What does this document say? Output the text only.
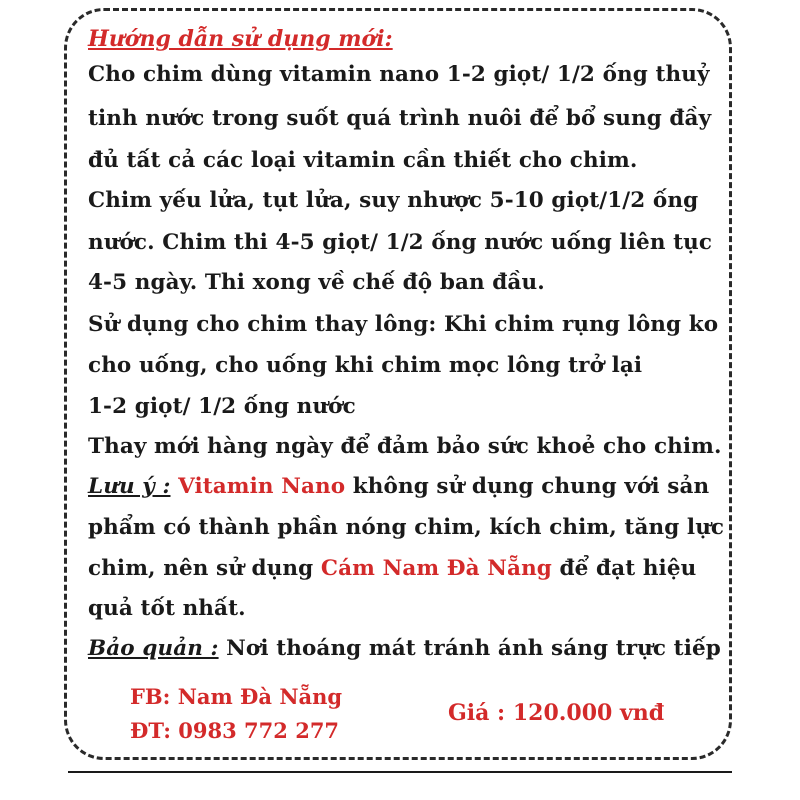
Hướng dẫn sử dụng mới:
Cho chim dùng vitamin nano 1-2 giọt/ 1/2 ống thuỷ
tinh nước trong suốt quá trình nuôi để bổ sung đầy
đủ tất cả các loại vitamin cần thiết cho chim.
Chim yếu lửa, tụt lửa, suy nhược 5-10 giọt/1/2 ống
nước. Chim thi 4-5 giọt/ 1/2 ống nước uống liên tục
4-5 ngày. Thi xong về chế độ ban đầu.
Sử dụng cho chim thay lông: Khi chim rụng lông ko
cho uống, cho uống khi chim mọc lông trở lại
1-2 giọt/ 1/2 ống nước
Thay mới hàng ngày để đảm bảo sức khoẻ cho chim.
Lưu ý : Vitamin Nano không sử dụng chung với sản
phẩm có thành phần nóng chim, kích chim, tăng lực
chim, nên sử dụng Cám Nam Đà Nẵng để đạt hiệu
quả tốt nhất.
Bảo quản : Nơi thoáng mát tránh ánh sáng trực tiếp
FB: Nam Đà Nẵng
ĐT: 0983 772 277
Giá : 120.000 vnđ
